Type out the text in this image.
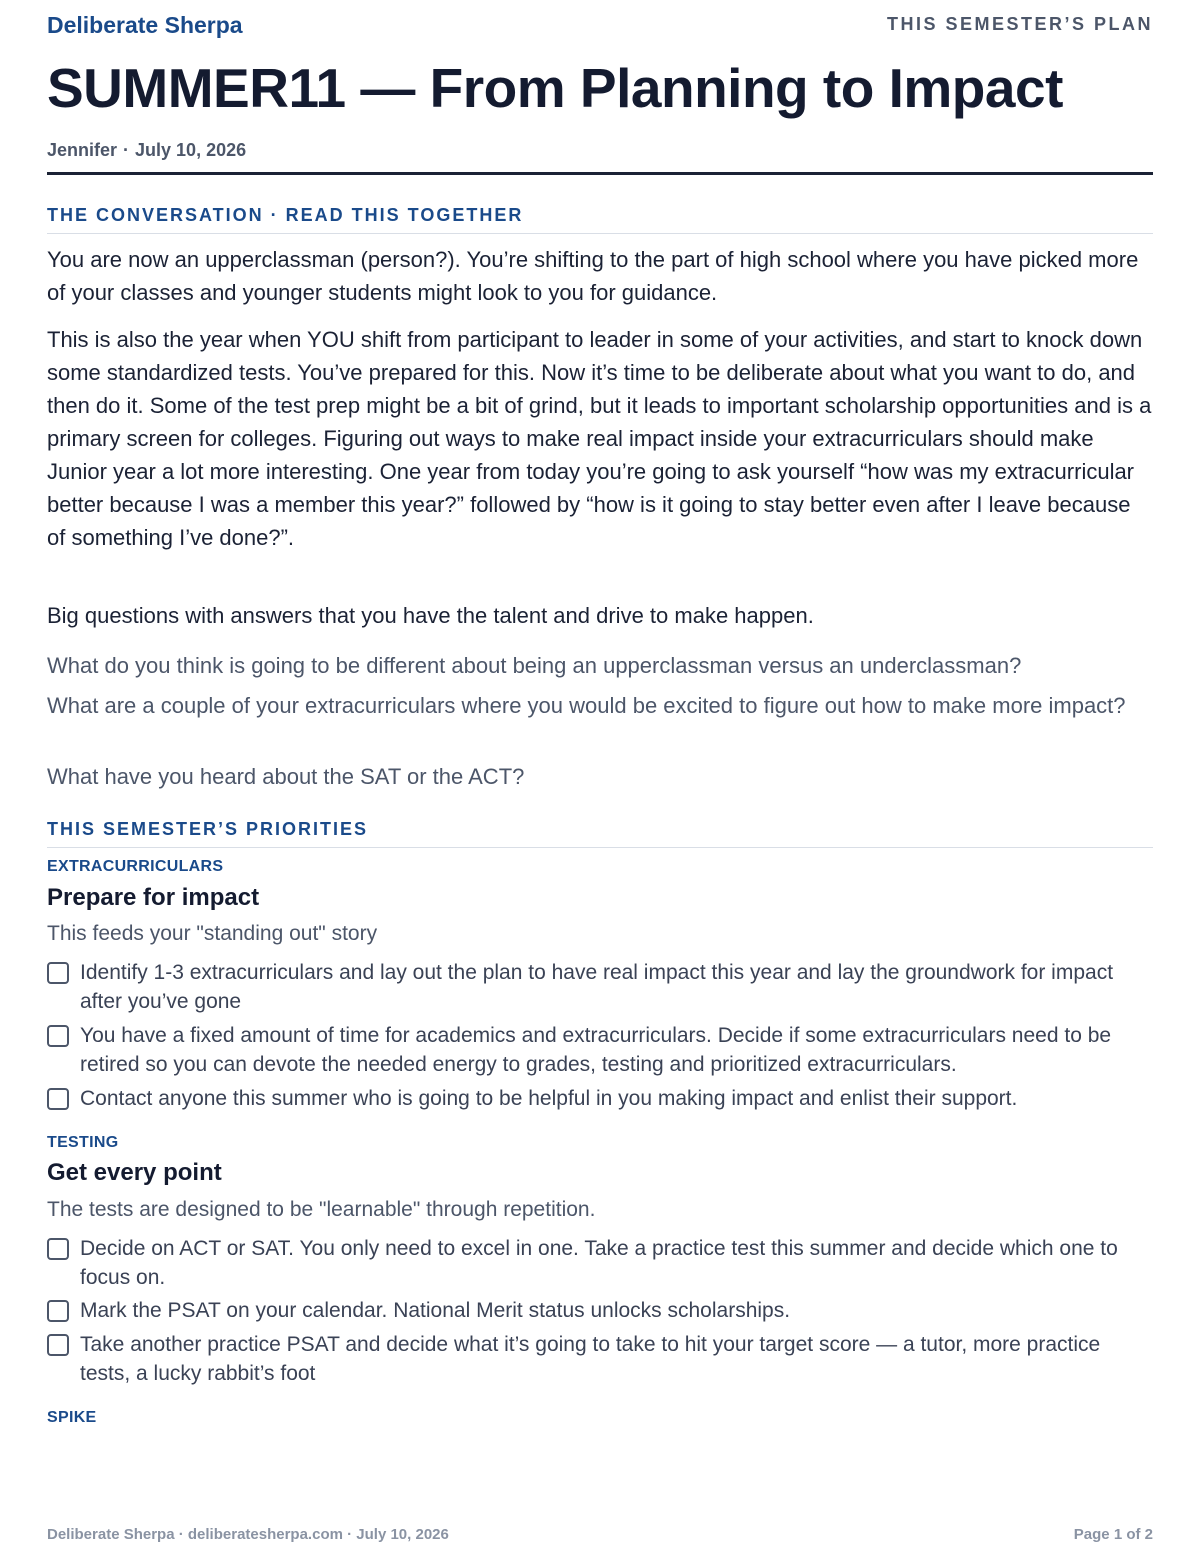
Deliberate Sherpa	THIS SEMESTER’S PLAN
SUMMER11 — From Planning to Impact
Jennifer · July 10, 2026
THE CONVERSATION · READ THIS TOGETHER

You are now an upperclassman (person?). You’re shifting to the part of high school where you have picked more of your classes and younger students might look to you for guidance.

This is also the year when YOU shift from participant to leader in some of your activities, and start to knock down some standardized tests. You’ve prepared for this. Now it’s time to be deliberate about what you want to do, and then do it. Some of the test prep might be a bit of grind, but it leads to important scholarship opportunities and is a primary screen for colleges. Figuring out ways to make real impact inside your extracurriculars should make Junior year a lot more interesting. One year from today you’re going to ask yourself “how was my extracurricular better because I was a member this year?” followed by “how is it going to stay better even after I leave because of something I’ve done?”.

Big questions with answers that you have the talent and drive to make happen.

What do you think is going to be different about being an upperclassman versus an underclassman?

What are a couple of your extracurriculars where you would be excited to figure out how to make more impact?

What have you heard about the SAT or the ACT?

THIS SEMESTER’S PRIORITIES
EXTRACURRICULARS
Prepare for impact
This feeds your "standing out" story
Identify 1-3 extracurriculars and lay out the plan to have real impact this year and lay the groundwork for impact after you’ve gone
You have a fixed amount of time for academics and extracurriculars. Decide if some extracurriculars need to be retired so you can devote the needed energy to grades, testing and prioritized extracurriculars.
Contact anyone this summer who is going to be helpful in you making impact and enlist their support.
TESTING
Get every point
The tests are designed to be "learnable" through repetition.
Decide on ACT or SAT. You only need to excel in one. Take a practice test this summer and decide which one to focus on.
Mark the PSAT on your calendar. National Merit status unlocks scholarships.
Take another practice PSAT and decide what it’s going to take to hit your target score — a tutor, more practice tests, a lucky rabbit’s foot
SPIKE
Deliberate Sherpa · deliberatesherpa.com · July 10, 2026	Page 1 of 2
